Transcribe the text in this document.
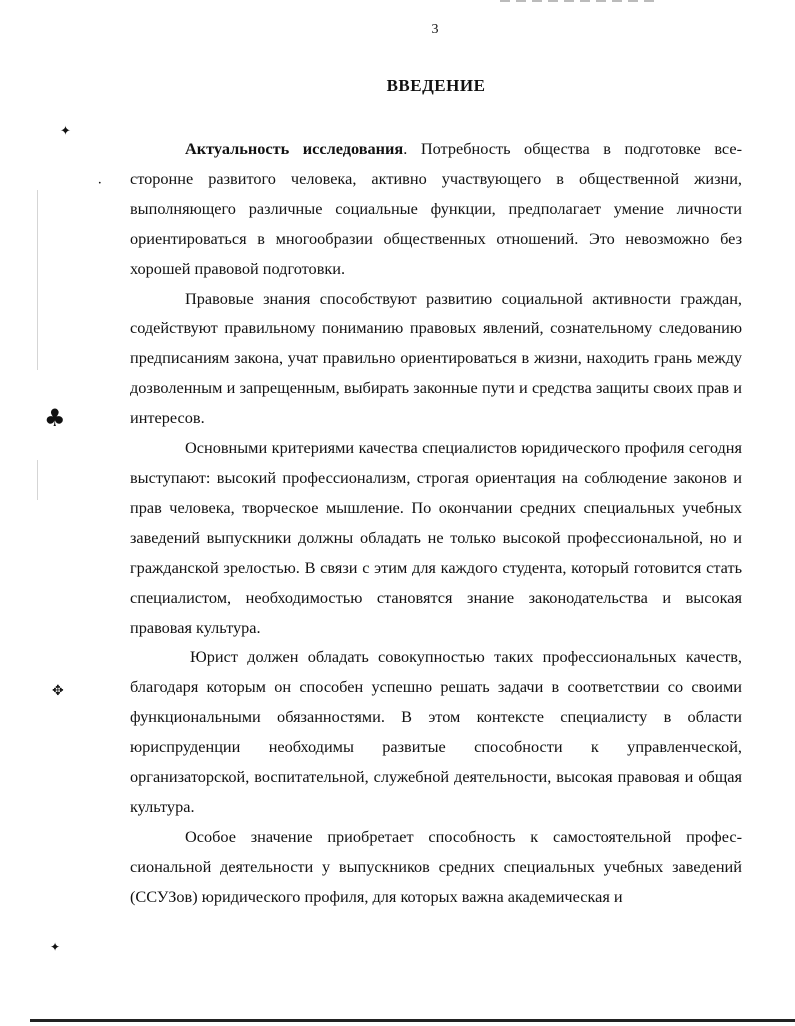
3
ВВЕДЕНИЕ
✦
•
♣
✥
✦

Актуальность исследования. Потребность общества в подготовке всесторонне развитого человека, активно участвующего в общественной жизни, выполняющего различные социальные функции, предполагает умение личности ориентироваться в многообразии общественных отношений. Это невозможно без хорошей правовой подготовки.

Правовые знания способствуют развитию социальной активности граждан, содействуют правильному пониманию правовых явлений, сознательному следованию предписаниям закона, учат правильно ориентироваться в жизни, находить грань между дозволенным и запрещенным, выбирать законные пути и средства защиты своих прав и интересов.

Основными критериями качества специалистов юридического профиля сегодня выступают: высокий профессионализм, строгая ориентация на соблюдение законов и прав человека, творческое мышление. По окончании средних специальных учебных заведений выпускники должны обладать не только высокой профессиональной, но и гражданской зрелостью. В связи с этим для каждого студента, который готовится стать специалистом, необходимостью становятся знание законодательства и высокая правовая культура.

Юрист должен обладать совокупностью таких профессиональных качеств, благодаря которым он способен успешно решать задачи в соответствии со своими функциональными обязанностями. В этом контексте специалисту в области юриспруденции необходимы развитые способности к управленческой, организаторской, воспитательной, служебной деятельности, высокая правовая и общая культура.

Особое значение приобретает способность к самостоятельной профессиональной деятельности у выпускников средних специальных учебных заведений (ССУЗов) юридического профиля, для которых важна академическая и
